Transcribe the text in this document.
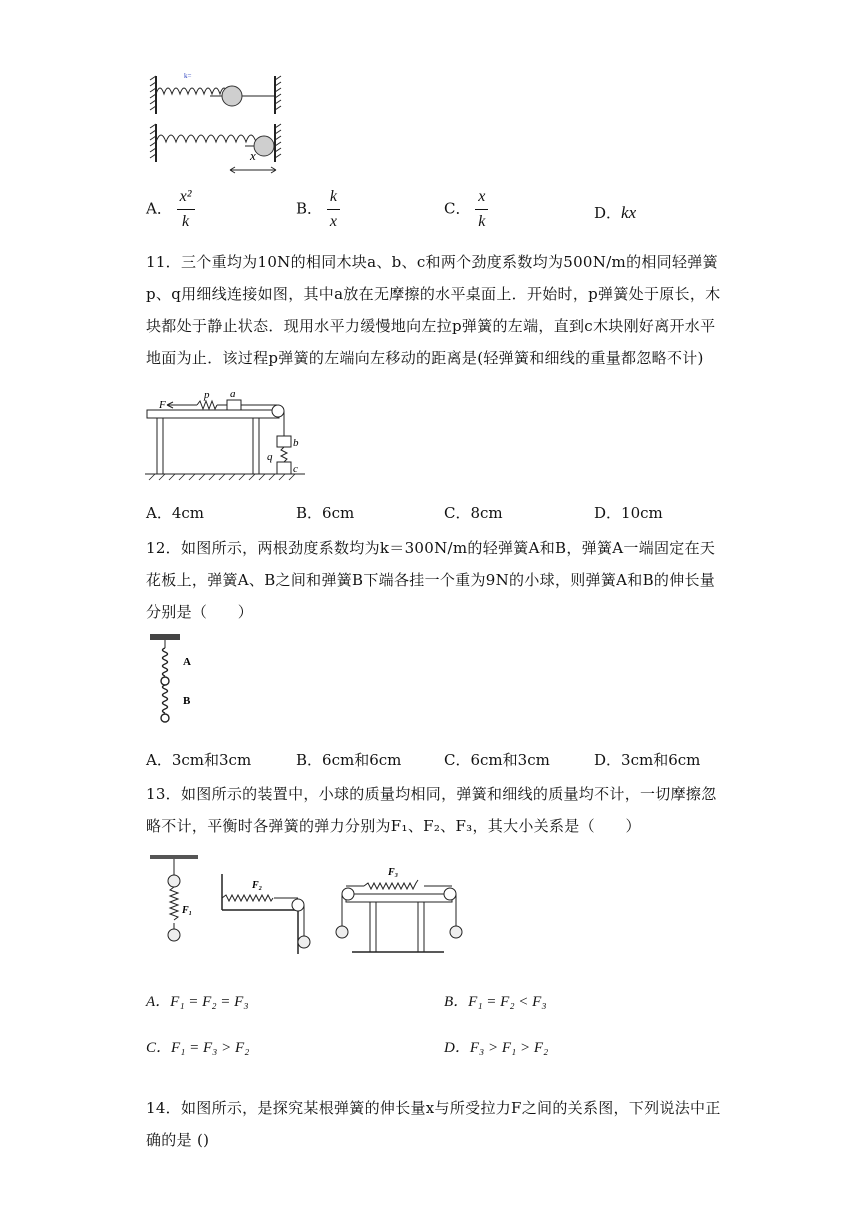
k=
x
A． $\frac{\text{x²}}{k}$	B． $\frac{k}{x}$	C． $\frac{x}{k}$	D．kx
11．三个重均为10N的相同木块a、b、c和两个劲度系数均为500N/m的相同轻弹簧p、q用细线连接如图，其中a放在无摩擦的水平桌面上．开始时，p弹簧处于原长，木块都处于静止状态．现用水平力缓慢地向左拉p弹簧的左端，直到c木块刚好离开水平地面为止．该过程p弹簧的左端向左移动的距离是(轻弹簧和细线的重量都忽略不计)
F
p a
b
q
c
A．4cm	B．6cm	C．8cm	D．10cm
12．如图所示，两根劲度系数均为k＝300N/m的轻弹簧A和B，弹簧A一端固定在天花板上，弹簧A、B之间和弹簧B下端各挂一个重为9N的小球，则弹簧A和B的伸长量分别是（　　）
A
B
A．3cm和3cm	B．6cm和6cm	C．6cm和3cm	D．3cm和6cm
13．如图所示的装置中，小球的质量均相同，弹簧和细线的质量均不计，一切摩擦忽略不计，平衡时各弹簧的弹力分别为F₁、F₂、F₃，其大小关系是（　　）
F₁
F₂
F₃
A．F₁ = F₂ = F₃	B．F₁ = F₂ < F₃
C．F₁ = F₃ > F₂	D．F₃ > F₁ > F₂
14．如图所示，是探究某根弹簧的伸长量x与所受拉力F之间的关系图，下列说法中正确的是 ()
